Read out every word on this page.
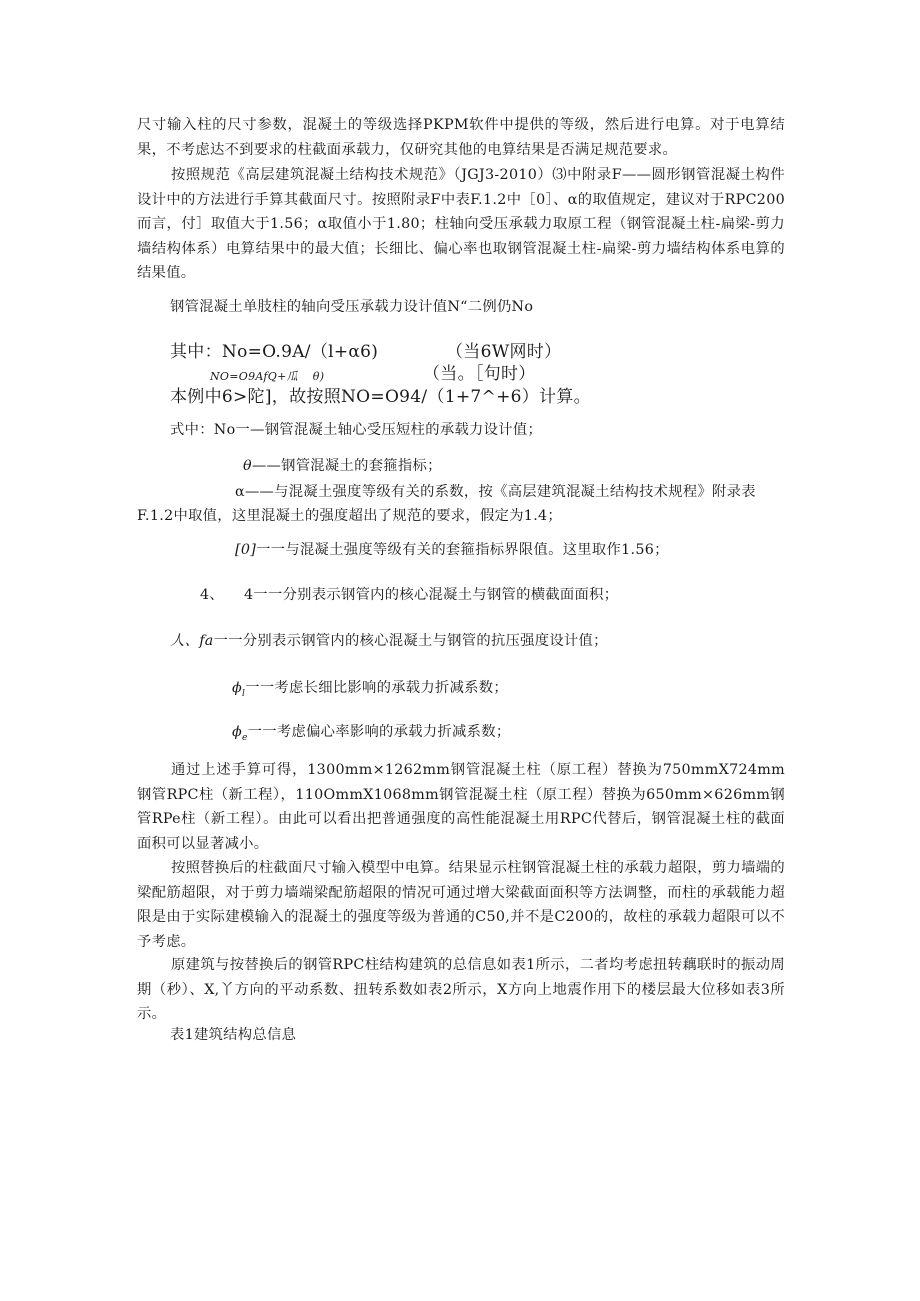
尺寸输入柱的尺寸参数，混凝土的等级选择PKPM软件中提供的等级，然后进行电算。对于电算结果，不考虑达不到要求的柱截面承载力，仅研究其他的电算结果是否满足规范要求。

按照规范《高层建筑混凝土结构技术规范》（JGJ3-2010）⑶中附录F——圆形钢管混凝土构件设计中的方法进行手算其截面尺寸。按照附录F中表F.1.2中［0］、α的取值规定，建议对于RPC200而言，付］取值大于1.56；α取值小于1.80；柱轴向受压承载力取原工程（钢管混凝土柱-扁梁-剪力墙结构体系）电算结果中的最大值；长细比、偏心率也取钢管混凝土柱-扁梁-剪力墙结构体系电算的结果值。

钢管混凝土单肢柱的轴向受压承载力设计值N“二例仍No

其中：No=O.9A/（l+α6)	（当6W网时）

NO=O9AfQ+瓜 θ)	（当。［句时）

本例中6>陀]，故按照NO=O94/（1+7^+6）计算。

式中：No一—钢管混凝土轴心受压短柱的承载力设计值；

θ——钢管混凝土的套箍指标；

α——与混凝土强度等级有关的系数，按《高层建筑混凝土结构技术规程》附录表

F.1.2中取值，这里混凝土的强度超出了规范的要求，假定为1.4；

[0]一一与混凝土强度等级有关的套箍指标界限值。这里取作1.56；

4、 4一一分别表示钢管内的核心混凝土与钢管的横截面面积；

人、fa一一分别表示钢管内的核心混凝土与钢管的抗压强度设计值；

$\phi_l$一一考虑长细比影响的承载力折减系数；

$\phi_e$一一考虑偏心率影响的承载力折减系数；

通过上述手算可得，1300mm×1262mm钢管混凝土柱（原工程）替换为750mmX724mm钢管RPC柱（新工程），110OmmX1068mm钢管混凝土柱（原工程）替换为650mm×626mm钢管RPe柱（新工程）。由此可以看出把普通强度的高性能混凝土用RPC代替后，钢管混凝土柱的截面面积可以显著减小。

按照替换后的柱截面尺寸输入模型中电算。结果显示柱钢管混凝土柱的承载力超限，剪力墙端的梁配筋超限，对于剪力墙端梁配筋超限的情况可通过增大梁截面面积等方法调整，而柱的承载能力超限是由于实际建模输入的混凝土的强度等级为普通的C50,并不是C200的，故柱的承载力超限可以不予考虑。

原建筑与按替换后的钢管RPC柱结构建筑的总信息如表1所示，二者均考虑扭转藕联时的振动周期（秒）、X,丫方向的平动系数、扭转系数如表2所示，X方向上地震作用下的楼层最大位移如表3所示。

表1建筑结构总信息
